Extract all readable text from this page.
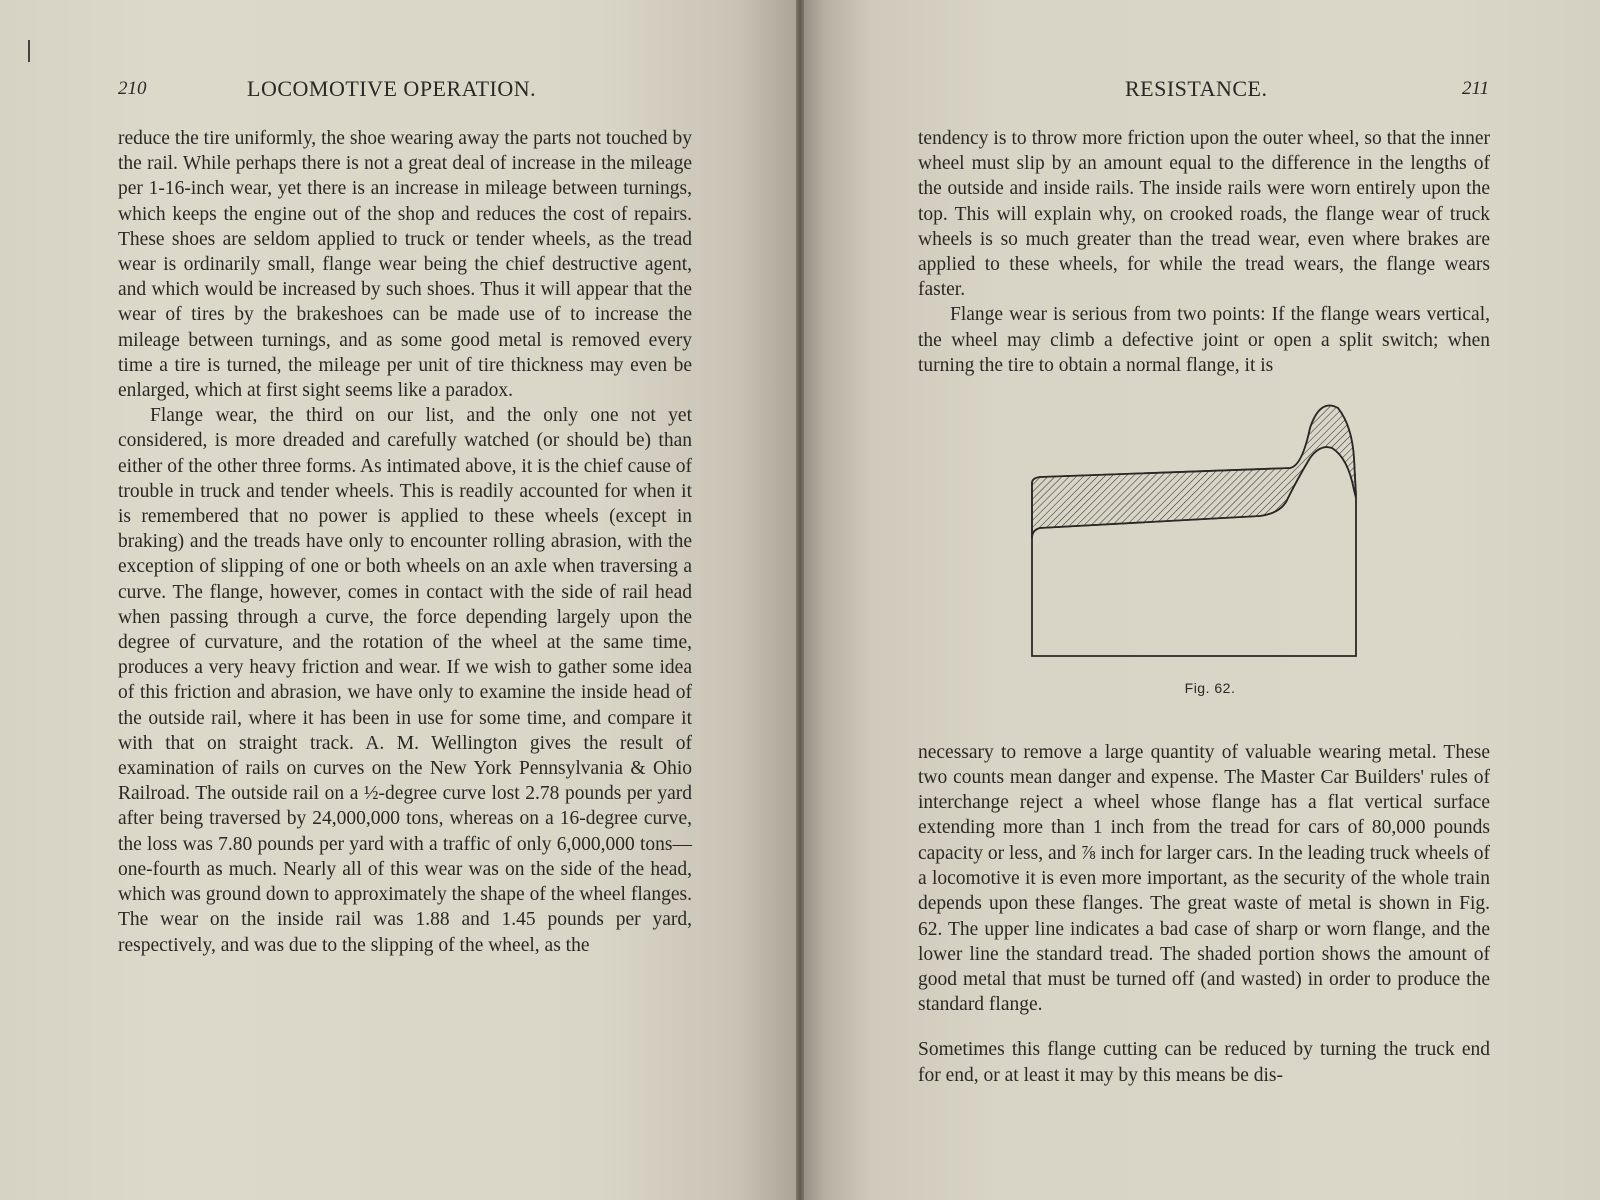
210	LOCOMOTIVE OPERATION.

reduce the tire uniformly, the shoe wearing away the parts not touched by the rail. While perhaps there is not a great deal of increase in the mileage per 1-16-inch wear, yet there is an increase in mileage between turnings, which keeps the engine out of the shop and reduces the cost of repairs. These shoes are seldom applied to truck or tender wheels, as the tread wear is ordinarily small, flange wear being the chief destructive agent, and which would be increased by such shoes. Thus it will appear that the wear of tires by the brakeshoes can be made use of to increase the mileage between turnings, and as some good metal is removed every time a tire is turned, the mileage per unit of tire thickness may even be enlarged, which at first sight seems like a paradox.

Flange wear, the third on our list, and the only one not yet considered, is more dreaded and carefully watched (or should be) than either of the other three forms. As intimated above, it is the chief cause of trouble in truck and tender wheels. This is readily accounted for when it is remembered that no power is applied to these wheels (except in braking) and the treads have only to encounter rolling abrasion, with the exception of slipping of one or both wheels on an axle when traversing a curve. The flange, however, comes in contact with the side of rail head when passing through a curve, the force depending largely upon the degree of curvature, and the rotation of the wheel at the same time, produces a very heavy friction and wear. If we wish to gather some idea of this friction and abrasion, we have only to examine the inside head of the outside rail, where it has been in use for some time, and compare it with that on straight track. A. M. Wellington gives the result of examination of rails on curves on the New York Pennsylvania & Ohio Railroad. The outside rail on a ½-degree curve lost 2.78 pounds per yard after being traversed by 24,000,000 tons, whereas on a 16-degree curve, the loss was 7.80 pounds per yard with a traffic of only 6,000,000 tons—one-fourth as much. Nearly all of this wear was on the side of the head, which was ground down to approximately the shape of the wheel flanges. The wear on the inside rail was 1.88 and 1.45 pounds per yard, respectively, and was due to the slipping of the wheel, as the

RESISTANCE.	211

tendency is to throw more friction upon the outer wheel, so that the inner wheel must slip by an amount equal to the difference in the lengths of the outside and inside rails. The inside rails were worn entirely upon the top. This will explain why, on crooked roads, the flange wear of truck wheels is so much greater than the tread wear, even where brakes are applied to these wheels, for while the tread wears, the flange wears faster.

Flange wear is serious from two points: If the flange wears vertical, the wheel may climb a defective joint or open a split switch; when turning the tire to obtain a normal flange, it is

Fig. 62.

necessary to remove a large quantity of valuable wearing metal. These two counts mean danger and expense. The Master Car Builders' rules of interchange reject a wheel whose flange has a flat vertical surface extending more than 1 inch from the tread for cars of 80,000 pounds capacity or less, and ⅞ inch for larger cars. In the leading truck wheels of a locomotive it is even more important, as the security of the whole train depends upon these flanges. The great waste of metal is shown in Fig. 62. The upper line indicates a bad case of sharp or worn flange, and the lower line the standard tread. The shaded portion shows the amount of good metal that must be turned off (and wasted) in order to produce the standard flange.

Sometimes this flange cutting can be reduced by turning the truck end for end, or at least it may by this means be dis-
